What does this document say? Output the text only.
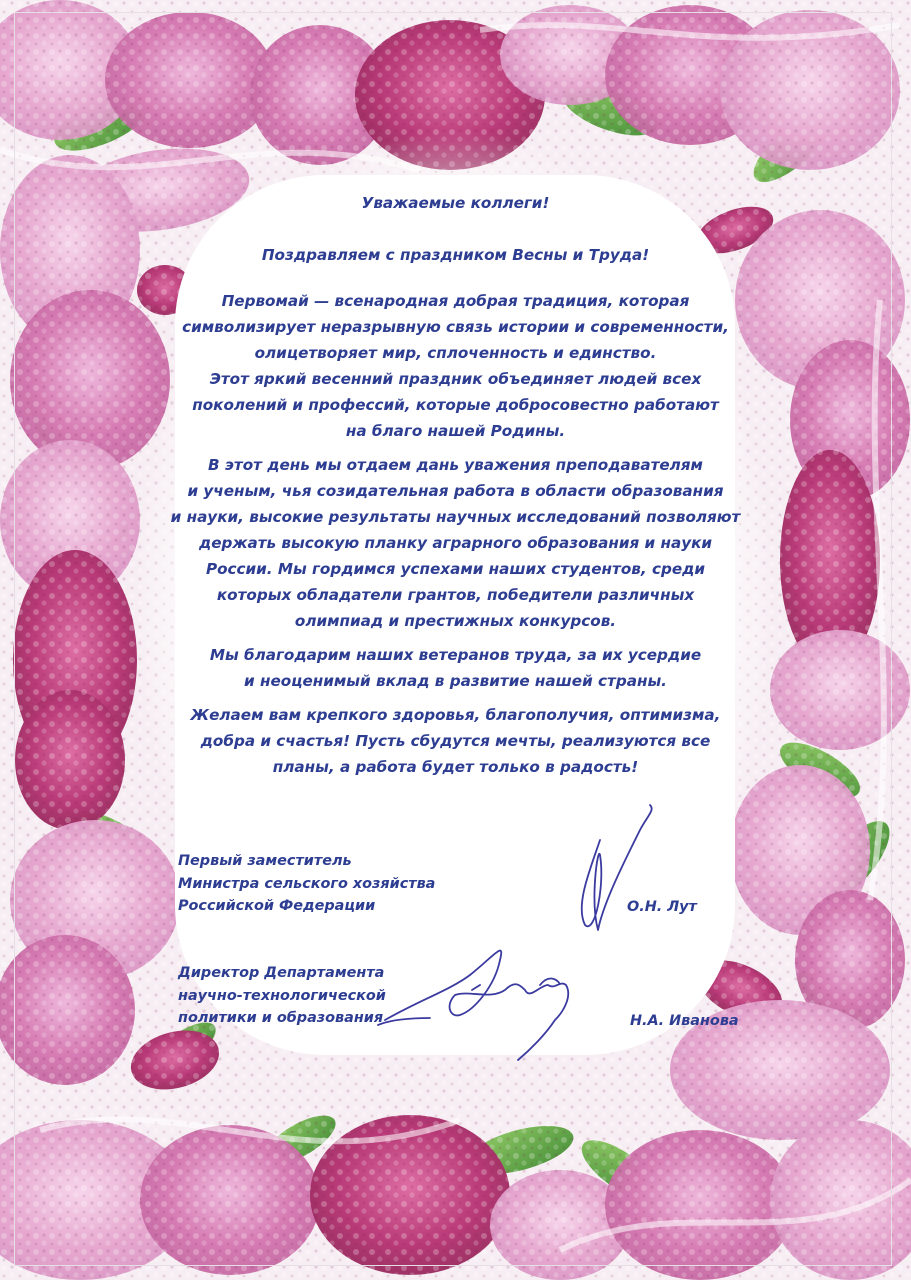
Уважаемые коллеги!

Поздравляем с праздником Весны и Труда!

Первомай — всенародная добрая традиция, которая
символизирует неразрывную связь истории и современности,
олицетворяет мир, сплоченность и единство.
Этот яркий весенний праздник объединяет людей всех
поколений и профессий, которые добросовестно работают
на благо нашей Родины.

В этот день мы отдаем дань уважения преподавателям
и ученым, чья созидательная работа в области образования
и науки, высокие результаты научных исследований позволяют
держать высокую планку аграрного образования и науки
России. Мы гордимся успехами наших студентов, среди
которых обладатели грантов, победители различных
олимпиад и престижных конкурсов.

Мы благодарим наших ветеранов труда, за их усердие
и неоценимый вклад в развитие нашей страны.

Желаем вам крепкого здоровья, благополучия, оптимизма,
добра и счастья! Пусть сбудутся мечты, реализуются все
планы, а работа будет только в радость!

Первый заместитель
Министра сельского хозяйства
Российской Федерации	О.Н. Лут
Директор Департамента
научно-технологической
политики и образования	Н.А. Иванова
